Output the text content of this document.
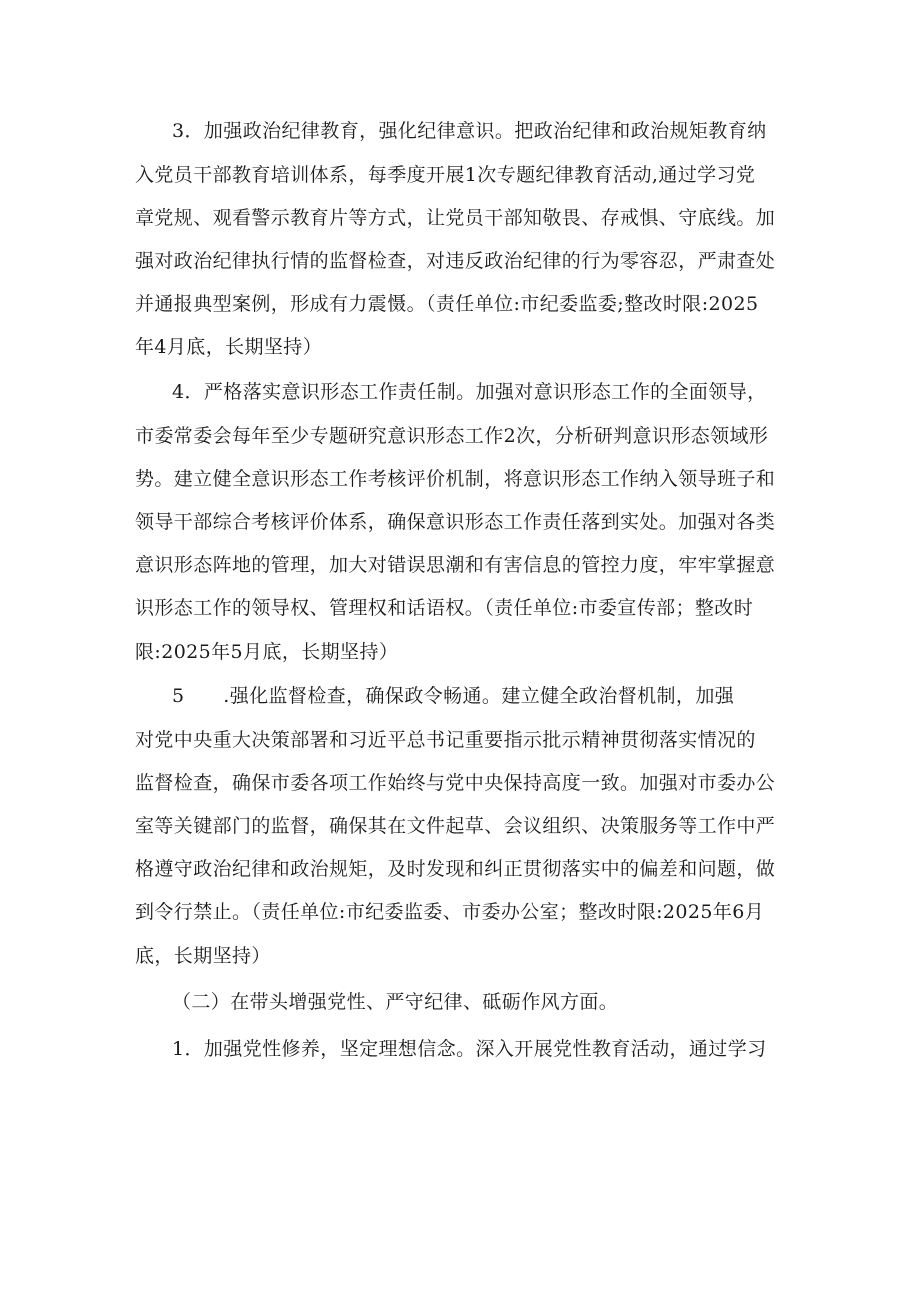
3．加强政治纪律教育，强化纪律意识。把政治纪律和政治规矩教育纳
入党员干部教育培训体系，每季度开展1次专题纪律教育活动,通过学习党
章党规、观看警示教育片等方式，让党员干部知敬畏、存戒惧、守底线。加
强对政治纪律执行情的监督检查，对违反政治纪律的行为零容忍，严肃查处
并通报典型案例，形成有力震慑。（责任单位:市纪委监委;整改时限:2025
年4月底，长期坚持）
4．严格落实意识形态工作责任制。加强对意识形态工作的全面领导，
市委常委会每年至少专题研究意识形态工作2次，分析研判意识形态领域形
势。建立健全意识形态工作考核评价机制，将意识形态工作纳入领导班子和
领导干部综合考核评价体系，确保意识形态工作责任落到实处。加强对各类
意识形态阵地的管理，加大对错误思潮和有害信息的管控力度，牢牢掌握意
识形态工作的领导权、管理权和话语权。（责任单位:市委宣传部；整改时
限:2025年5月底，长期坚持）
5　　.强化监督检查，确保政令畅通。建立健全政治督机制，加强
对党中央重大决策部署和习近平总书记重要指示批示精神贯彻落实情况的
监督检查，确保市委各项工作始终与党中央保持高度一致。加强对市委办公
室等关键部门的监督，确保其在文件起草、会议组织、决策服务等工作中严
格遵守政治纪律和政治规矩，及时发现和纠正贯彻落实中的偏差和问题，做
到令行禁止。（责任单位:市纪委监委、市委办公室；整改时限:2025年6月
底，长期坚持）
（二）在带头增强党性、严守纪律、砥砺作风方面。
1．加强党性修养，坚定理想信念。深入开展党性教育活动，通过学习
